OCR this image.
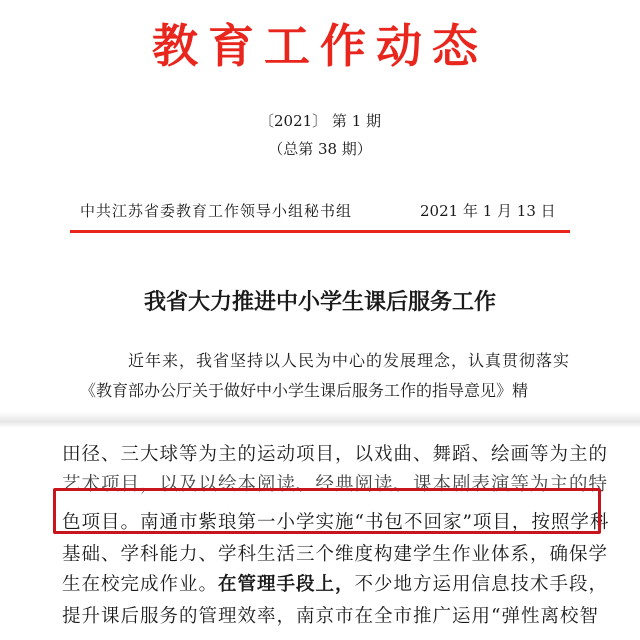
教育工作动态
〔2021〕 第 1 期
（总第 38 期）
中共江苏省委教育工作领导小组秘书组	2021 年 1 月 13 日
我省大力推进中小学生课后服务工作
近年来，我省坚持以人民为中心的发展理念，认真贯彻落实
《教育部办公厅关于做好中小学生课后服务工作的指导意见》精
田径、三大球等为主的运动项目，以戏曲、舞蹈、绘画等为主的
艺术项目，以及以绘本阅读、经典阅读、课本剧表演等为主的特
色项目。南通市紫琅第一小学实施“书包不回家”项目，按照学科
基础、学科能力、学科生活三个维度构建学生作业体系，确保学
生在校完成作业。在管理手段上，不少地方运用信息技术手段，
提升课后服务的管理效率，南京市在全市推广运用“弹性离校智
